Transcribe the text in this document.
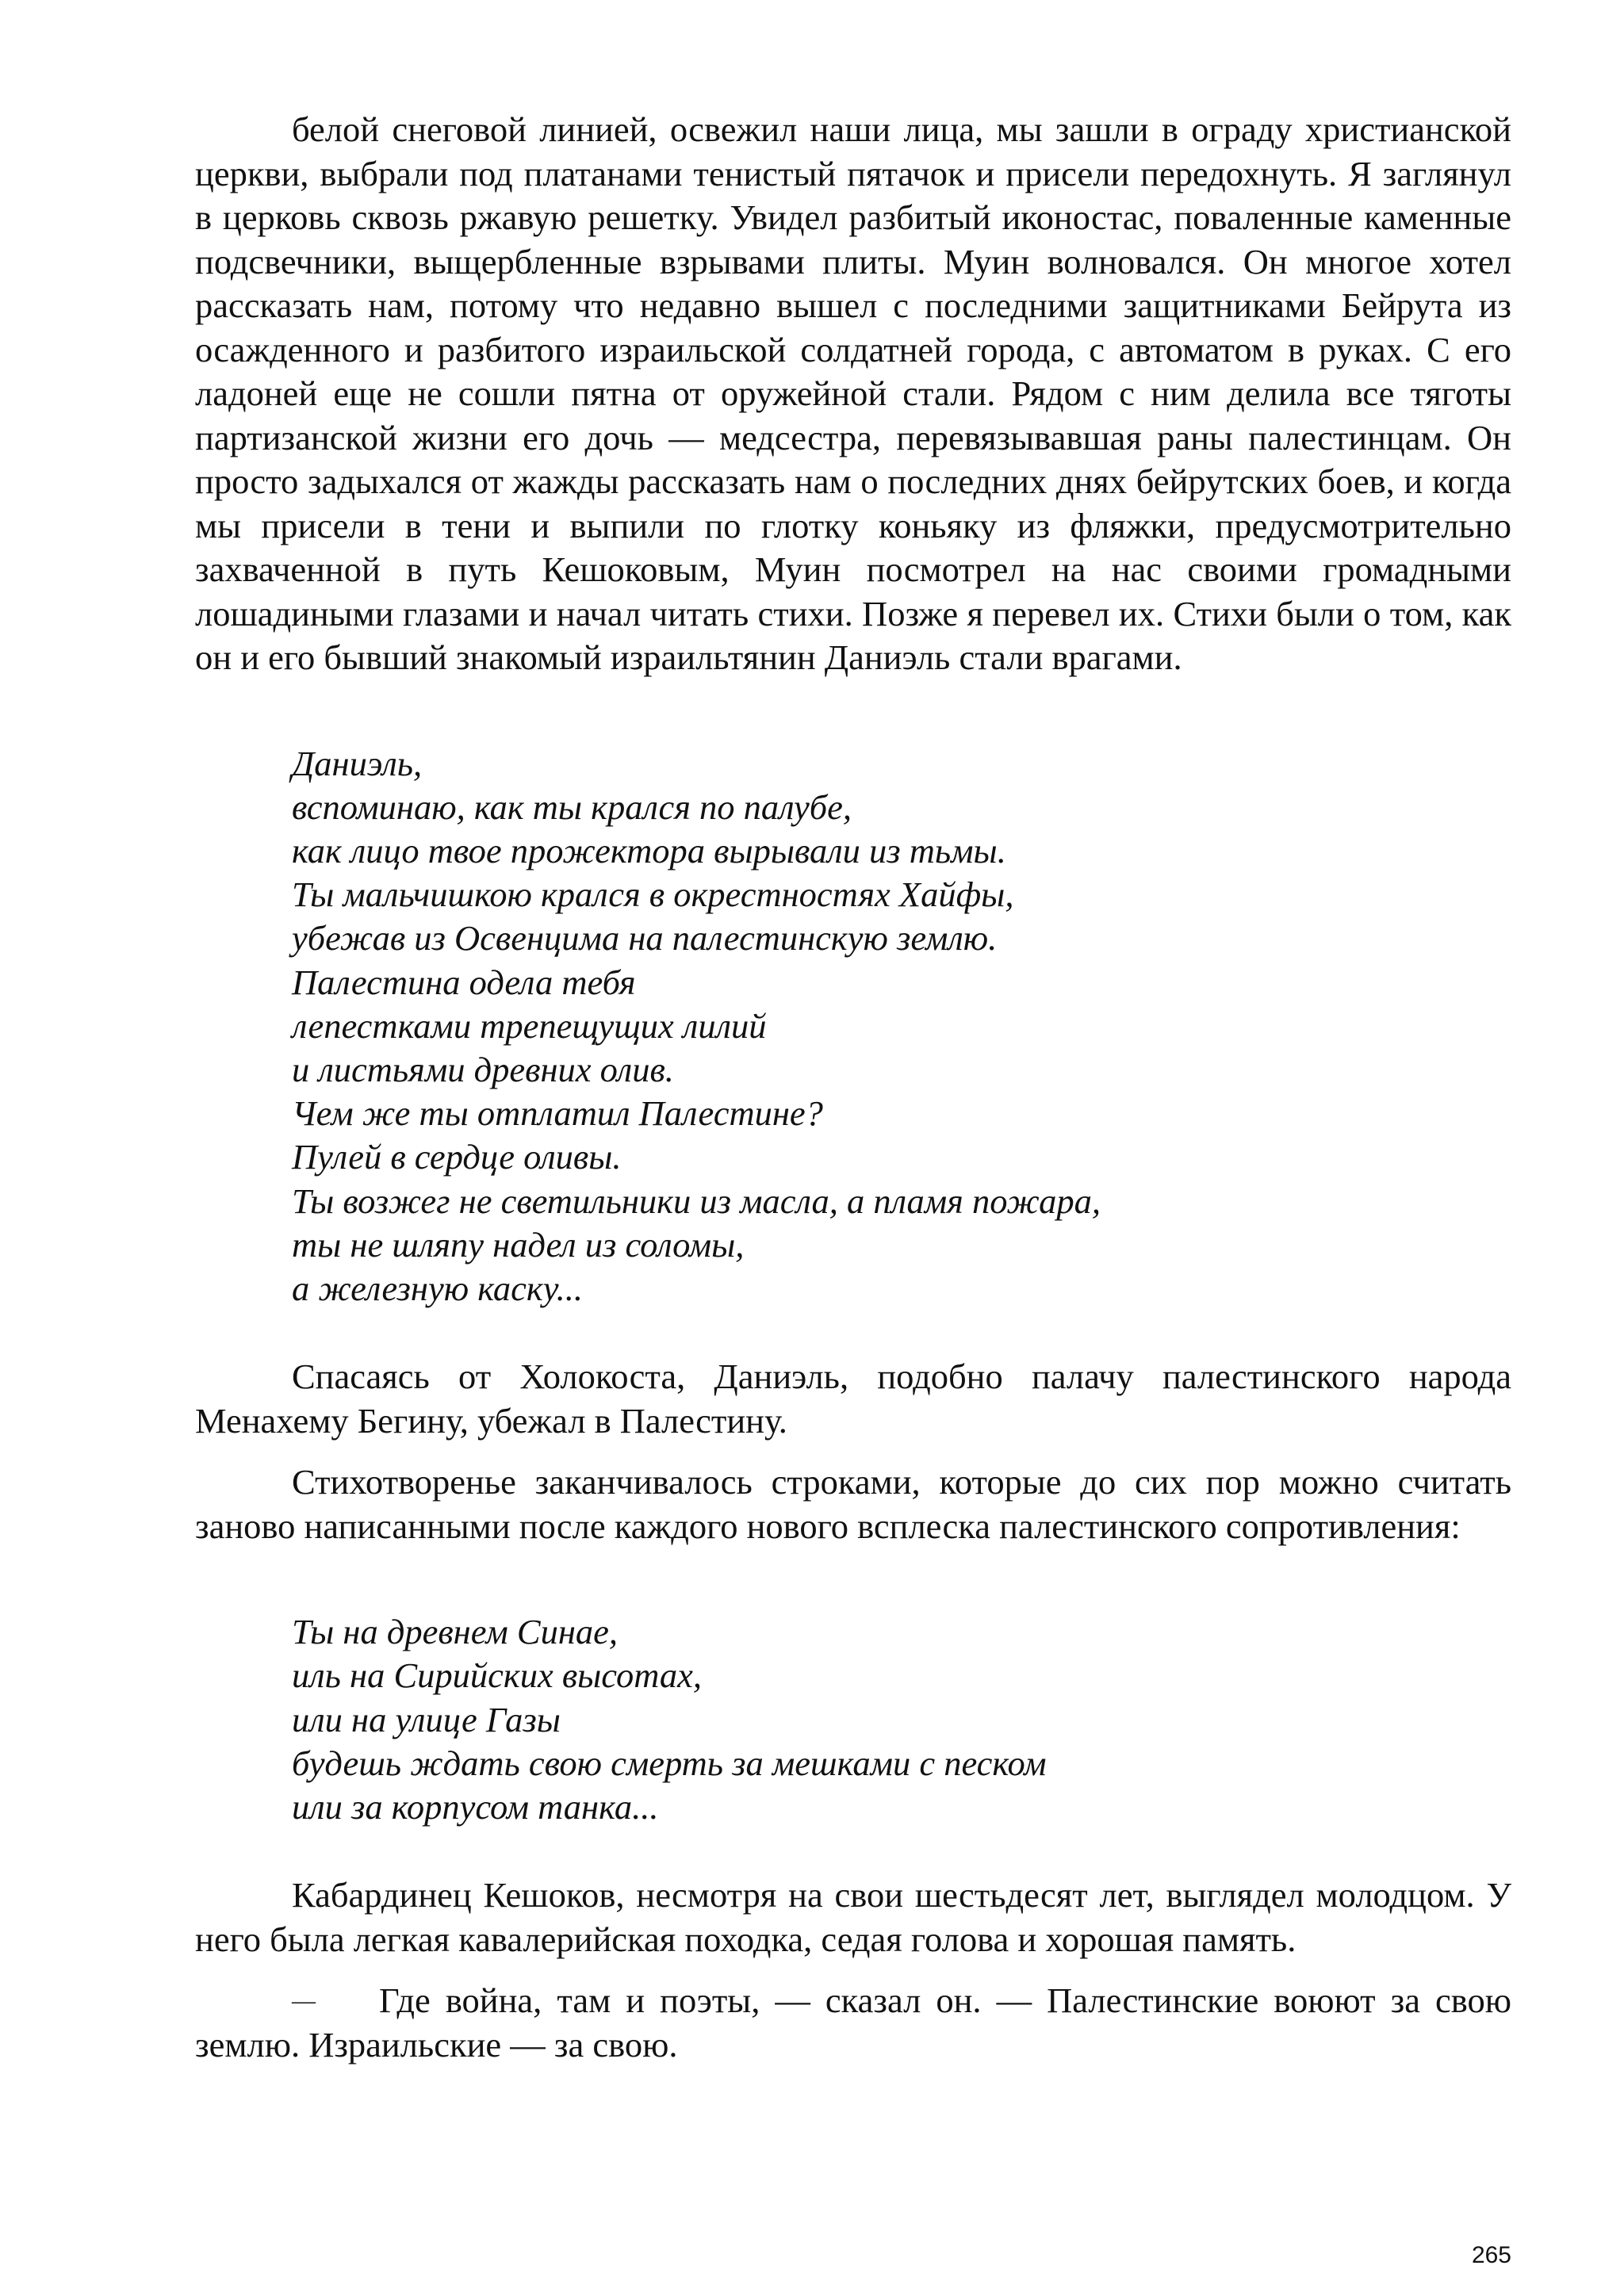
белой снеговой линией, освежил наши лица, мы зашли в ограду христианской церкви, выбрали под платанами тенистый пятачок и присели передохнуть. Я заглянул в церковь сквозь ржавую решетку. Увидел разбитый иконостас, поваленные каменные подсвечники, выщербленные взрывами плиты. Муин волновался. Он многое хотел рассказать нам, потому что недавно вышел с последними защитниками Бейрута из осажденного и разбитого израильской солдатней города, с автоматом в руках. С его ладоней еще не сошли пятна от оружейной стали. Рядом с ним делила все тяготы партизанской жизни его дочь — медсестра, перевязывавшая раны палестинцам. Он просто задыхался от жажды рассказать нам о последних днях бейрутских боев, и когда мы присели в тени и выпили по глотку коньяку из фляжки, предусмотрительно захваченной в путь Кешоковым, Муин посмотрел на нас своими громадными лошадиными глазами и начал читать стихи. Позже я перевел их. Стихи были о том, как он и его бывший знакомый израильтянин Даниэль стали врагами.

Даниэль,
вспоминаю, как ты крался по палубе,
как лицо твое прожектора вырывали из тьмы.
Ты мальчишкою крался в окрестностях Хайфы,
убежав из Освенцима на палестинскую землю.
Палестина одела тебя
лепестками трепещущих лилий
и листьями древних олив.
Чем же ты отплатил Палестине?
Пулей в сердце оливы.
Ты возжег не светильники из масла, а пламя пожара,
ты не шляпу надел из соломы,
а железную каску...

Спасаясь от Холокоста, Даниэль, подобно палачу палестинского народа Менахему Бегину, убежал в Палестину.

Стихотворенье заканчивалось строками, которые до сих пор можно считать заново написанными после каждого нового всплеска палестинского сопротивления:

Ты на древнем Синае,
иль на Сирийских высотах,
или на улице Газы
будешь ждать свою смерть за мешками с песком
или за корпусом танка...

Кабардинец Кешоков, несмотря на свои шестьдесят лет, выглядел молодцом. У него была легкая кавалерийская походка, седая голова и хорошая память.

— Где война, там и поэты, — сказал он. — Палестинские воюют за свою землю. Израильские — за свою.

265
